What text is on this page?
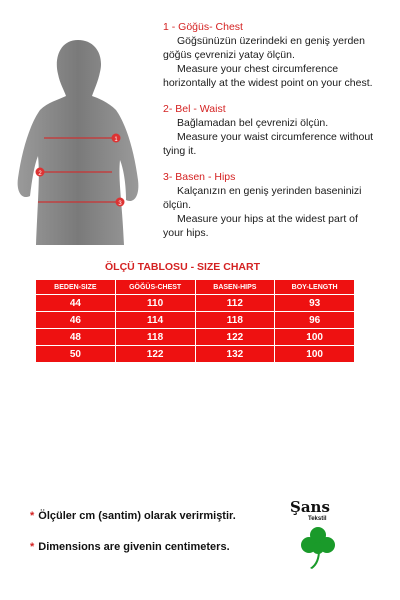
1
2
3
1 - Göğüs- Chest
Göğsünüzün üzerindeki en geniş yerden
göğüs çevrenizi yatay ölçün.
Measure your chest circumference
horizontally at the widest point on your chest.
2- Bel - Waist
Bağlamadan bel çevrenizi ölçün.
Measure your waist circumference without
tying it.
3- Basen - Hips
Kalçanızın en geniş yerinden baseninizi
ölçün.
Measure your hips at the widest part of
your hips.
ÖLÇÜ TABLOSU - SIZE CHART
BEDEN-SIZE	GÖĞÜS-CHEST	BASEN-HIPS	BOY-LENGTH
44	110	112	93
46	114	118	96
48	118	122	100
50	122	132	100
* Ölçüler cm (santim) olarak verirmiştir.
* Dimensions are givenin centimeters.
Şans
Tekstil
